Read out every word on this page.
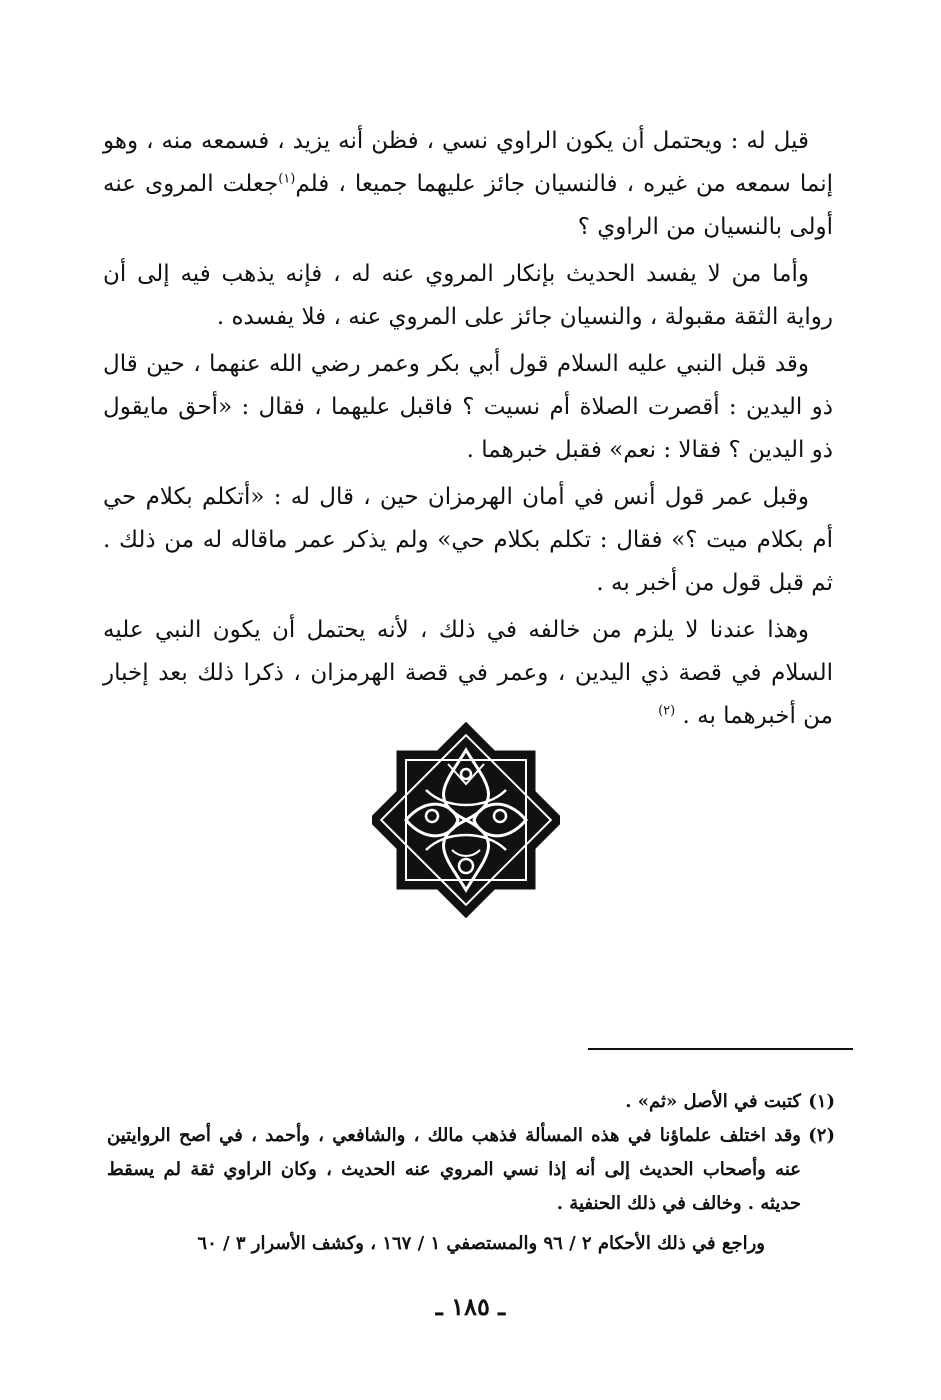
قيل له : ويحتمل أن يكون الراوي نسي ، فظن أنه يزيد ، فسمعه منه ، وهو إنما سمعه من غيره ، فالنسيان جائز عليهما جميعا ، فلم$^{(١)}$جعلت المروى عنه أولى بالنسيان من الراوي ؟

وأما من لا يفسد الحديث بإنكار المروي عنه له ، فإنه يذهب فيه إلى أن رواية الثقة مقبولة ، والنسيان جائز على المروي عنه ، فلا يفسده .

وقد قبل النبي عليه السلام قول أبي بكر وعمر رضي الله عنهما ، حين قال ذو اليدين : أقصرت الصلاة أم نسيت ؟ فاقبل عليهما ، فقال : «أحق مايقول ذو اليدين ؟ فقالا : نعم» فقبل خبرهما .

وقبل عمر قول أنس في أمان الهرمزان حين ، قال له : «أتكلم بكلام حي أم بكلام ميت ؟» فقال : تكلم بكلام حي» ولم يذكر عمر ماقاله له من ذلك . ثم قبل قول من أخبر به .

وهذا عندنا لا يلزم من خالفه في ذلك ، لأنه يحتمل أن يكون النبي عليه السلام في قصة ذي اليدين ، وعمر في قصة الهرمزان ، ذكرا ذلك بعد إخبار من أخبرهما به . $^{(٢)}$

(١)كتبت في الأصل «ثم» .

(٢)وقد اختلف علماؤنا في هذه المسألة فذهب مالك ، والشافعي ، وأحمد ، في أصح الروايتين عنه وأصحاب الحديث إلى أنه إذا نسي المروي عنه الحديث ، وكان الراوي ثقة لم يسقط حديثه . وخالف في ذلك الحنفية .

وراجع في ذلك الأحكام ٢ / ٩٦ والمستصفي ١ / ١٦٧ ، وكشف الأسرار ٣ / ٦٠

ـ ١٨٥ ـ
